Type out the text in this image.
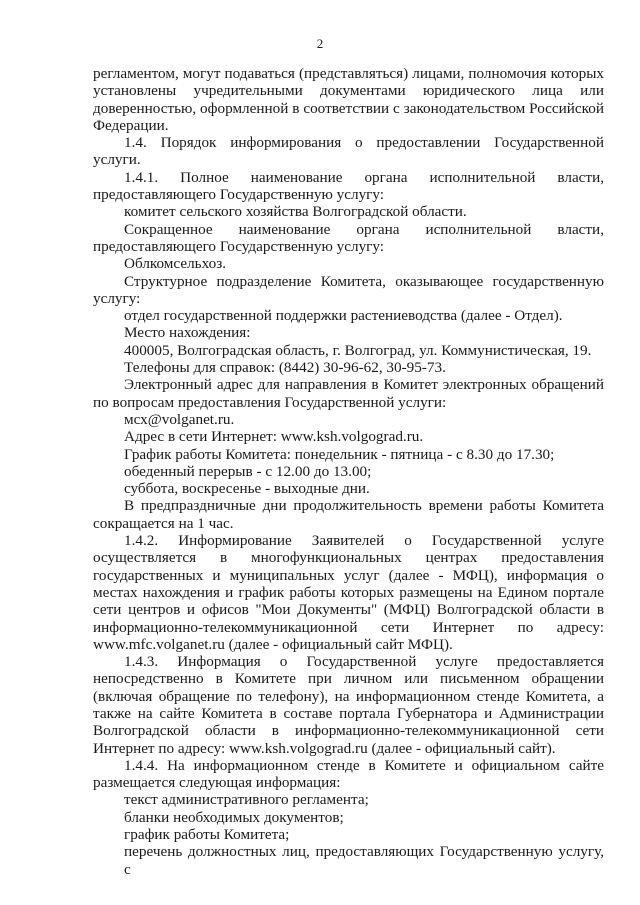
2

регламентом, могут подаваться (представляться) лицами, полномочия которых установлены учредительными документами юридического лица или доверенностью, оформленной в соответствии с законодательством Российской Федерации.

1.4. Порядок информирования о предоставлении Государственной услуги.

1.4.1. Полное наименование органа исполнительной власти, предоставляющего Государственную услугу:

комитет сельского хозяйства Волгоградской области.

Сокращенное наименование органа исполнительной власти, предоставляющего Государственную услугу:

Облкомсельхоз.

Структурное подразделение Комитета, оказывающее государственную услугу:

отдел государственной поддержки растениеводства (далее - Отдел).

Место нахождения:

400005, Волгоградская область, г. Волгоград, ул. Коммунистическая, 19.

Телефоны для справок: (8442) 30-96-62, 30-95-73.

Электронный адрес для направления в Комитет электронных обращений по вопросам предоставления Государственной услуги:

мсх@volganet.ru.

Адрес в сети Интернет: www.ksh.volgograd.ru.

График работы Комитета: понедельник - пятница - с 8.30 до 17.30;

обеденный перерыв - с 12.00 до 13.00;

суббота, воскресенье - выходные дни.

В предпраздничные дни продолжительность времени работы Комитета сокращается на 1 час.

1.4.2. Информирование Заявителей о Государственной услуге осуществляется в многофункциональных центрах предоставления государственных и муниципальных услуг (далее - МФЦ), информация о местах нахождения и график работы которых размещены на Едином портале сети центров и офисов "Мои Документы" (МФЦ) Волгоградской области в информационно-телекоммуникационной сети Интернет по адресу: www.mfc.volganet.ru (далее - официальный сайт МФЦ).

1.4.3. Информация о Государственной услуге предоставляется непосредственно в Комитете при личном или письменном обращении (включая обращение по телефону), на информационном стенде Комитета, а также на сайте Комитета в составе портала Губернатора и Администрации Волгоградской области в информационно-телекоммуникационной сети Интернет по адресу: www.ksh.volgograd.ru (далее - официальный сайт).

1.4.4. На информационном стенде в Комитете и официальном сайте размещается следующая информация:

текст административного регламента;

бланки необходимых документов;

график работы Комитета;

перечень должностных лиц, предоставляющих Государственную услугу, с
